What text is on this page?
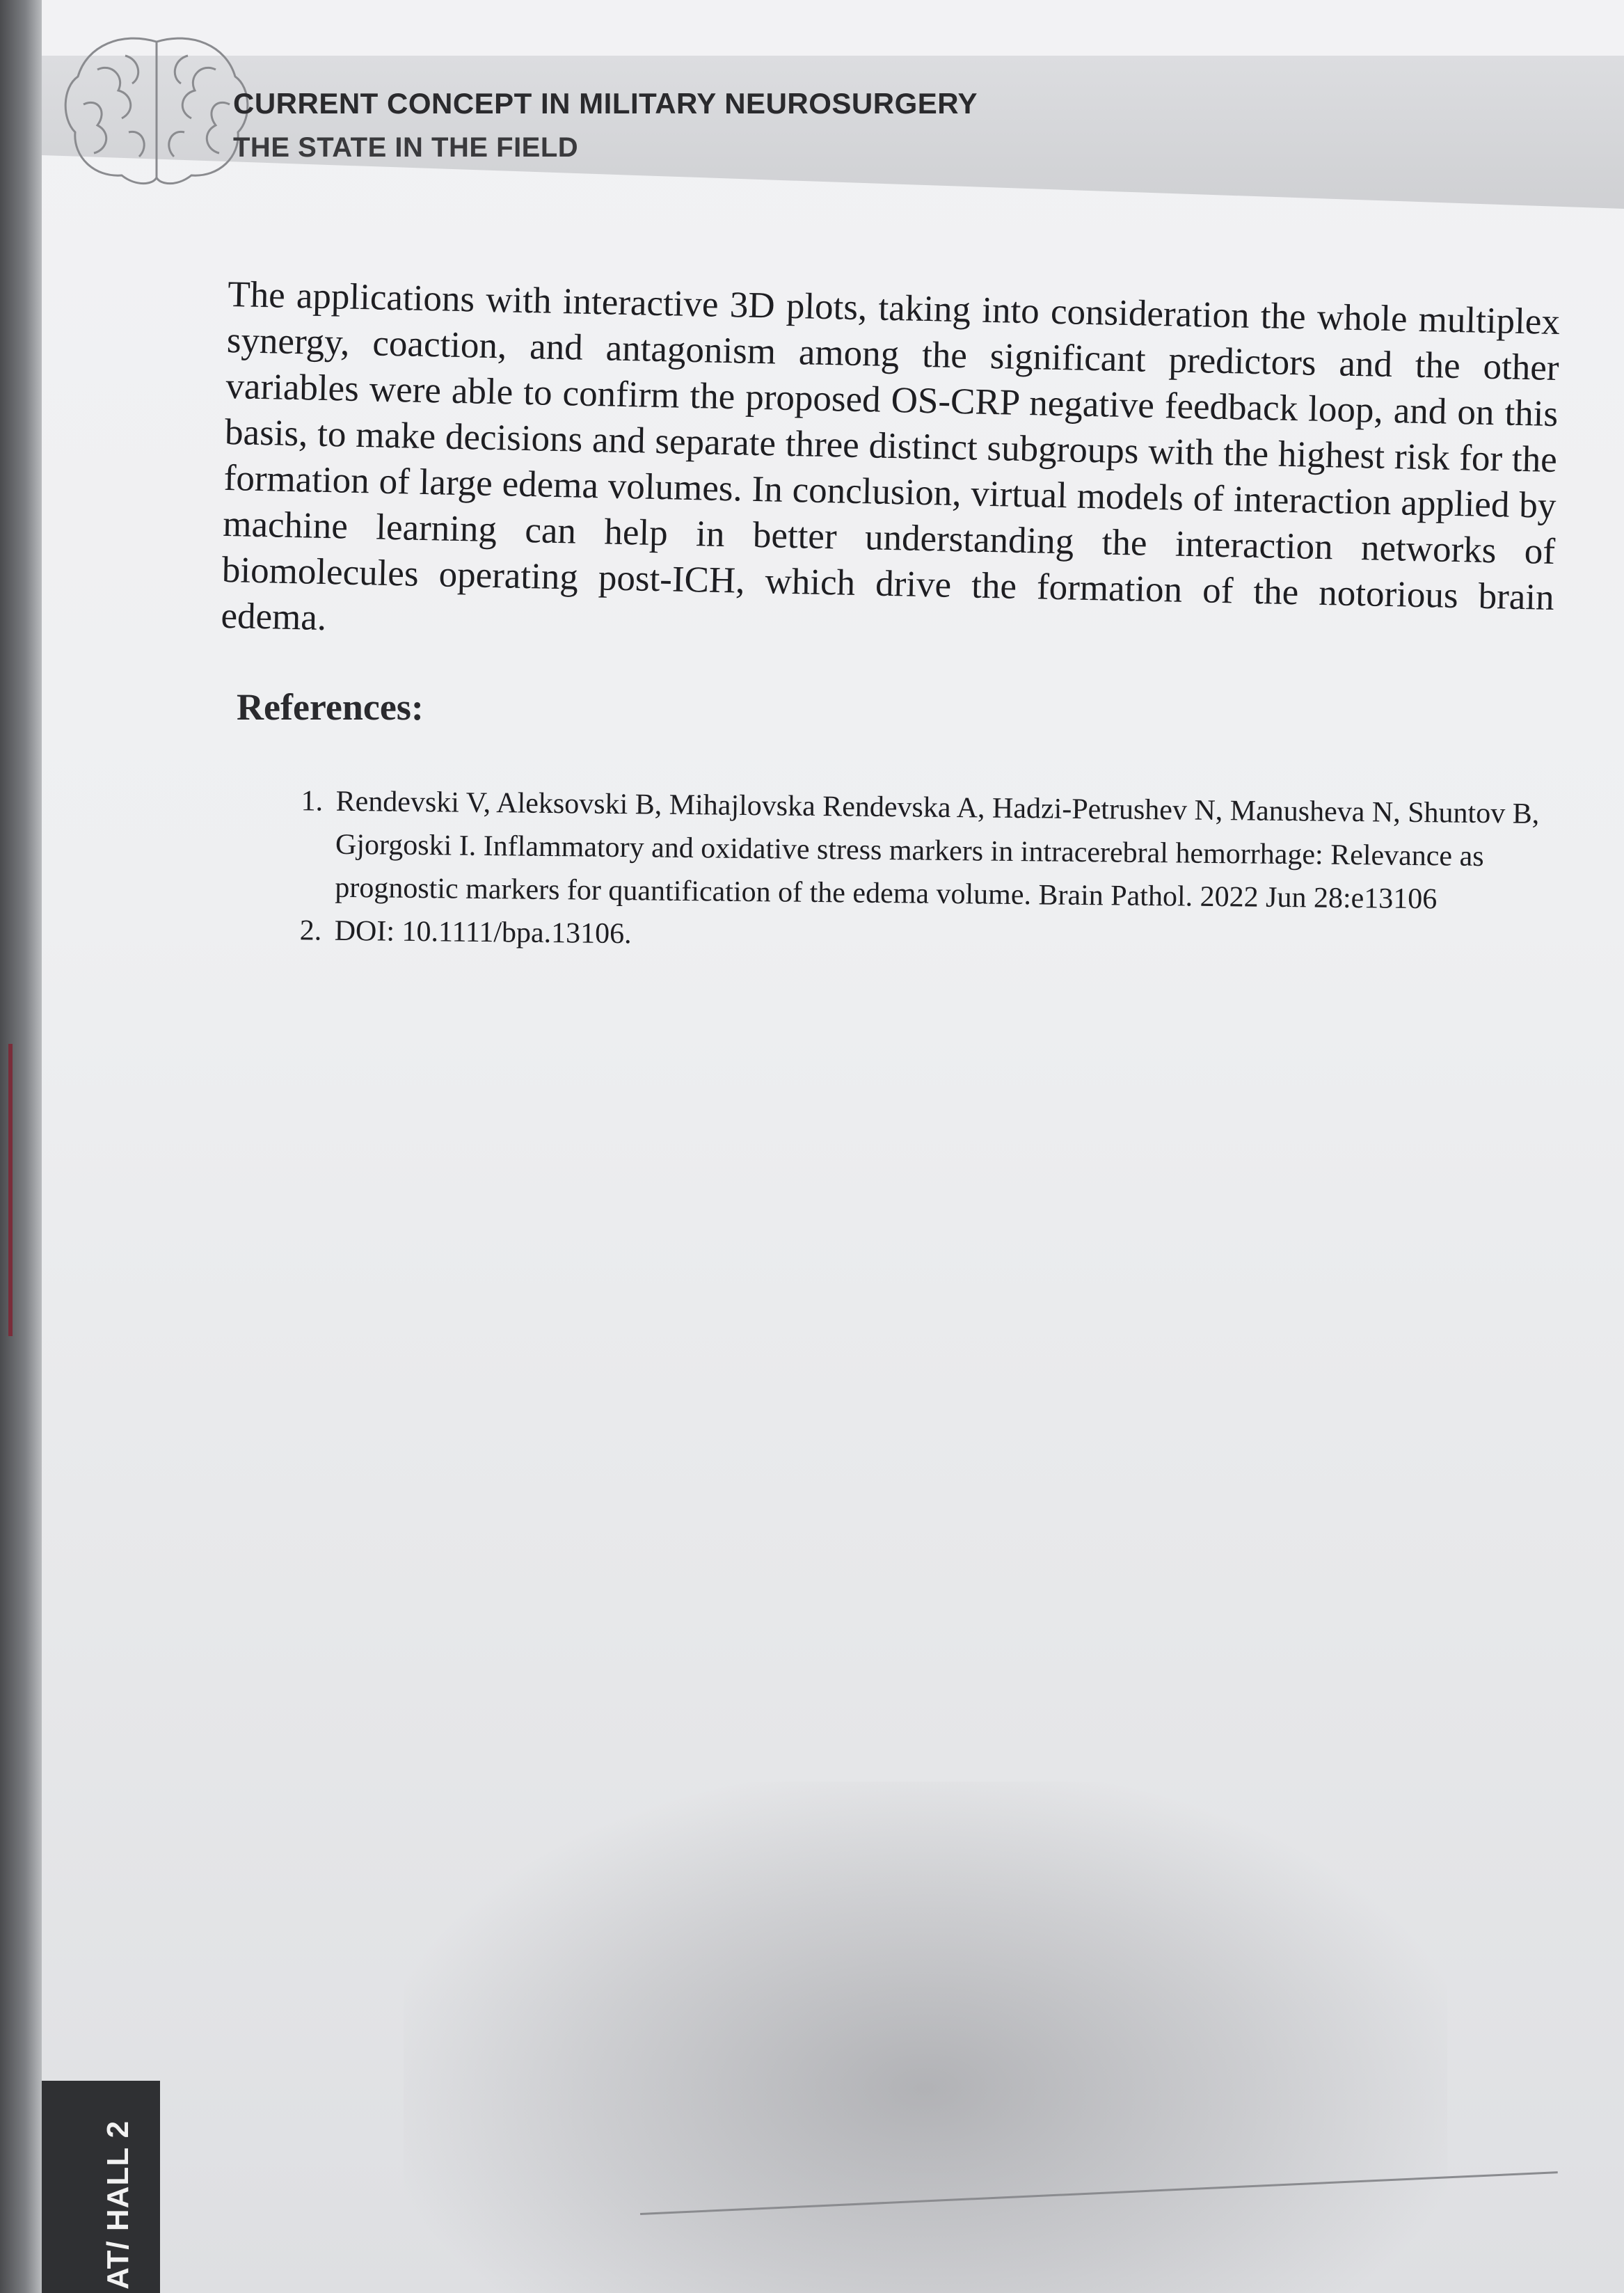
CURRENT CONCEPT IN MILITARY NEUROSURGERY
THE STATE IN THE FIELD

The applications with interactive 3D plots, taking into consideration the whole multiplex synergy, coaction, and antagonism among the significant predictors and the other variables were able to confirm the proposed OS-CRP negative feedback loop, and on this basis, to make decisions and separate three distinct subgroups with the highest risk for the formation of large edema volumes. In conclusion, virtual models of interaction applied by machine learning can help in better understanding the interaction networks of biomolecules operating post-ICH, which drive the formation of the notorious brain edema.

References:
1. Rendevski V, Aleksovski B, Mihajlovska Rendevska A, Hadzi-Petrushev N, Manusheva N, Shuntov B, Gjorgoski I. Inflammatory and oxidative stress markers in intracerebral hemorrhage: Relevance as prognostic markers for quantification of the edema volume. Brain Pathol. 2022 Jun 28:e13106
2. DOI: 10.1111/bpa.13106.
AT/ HALL 2
